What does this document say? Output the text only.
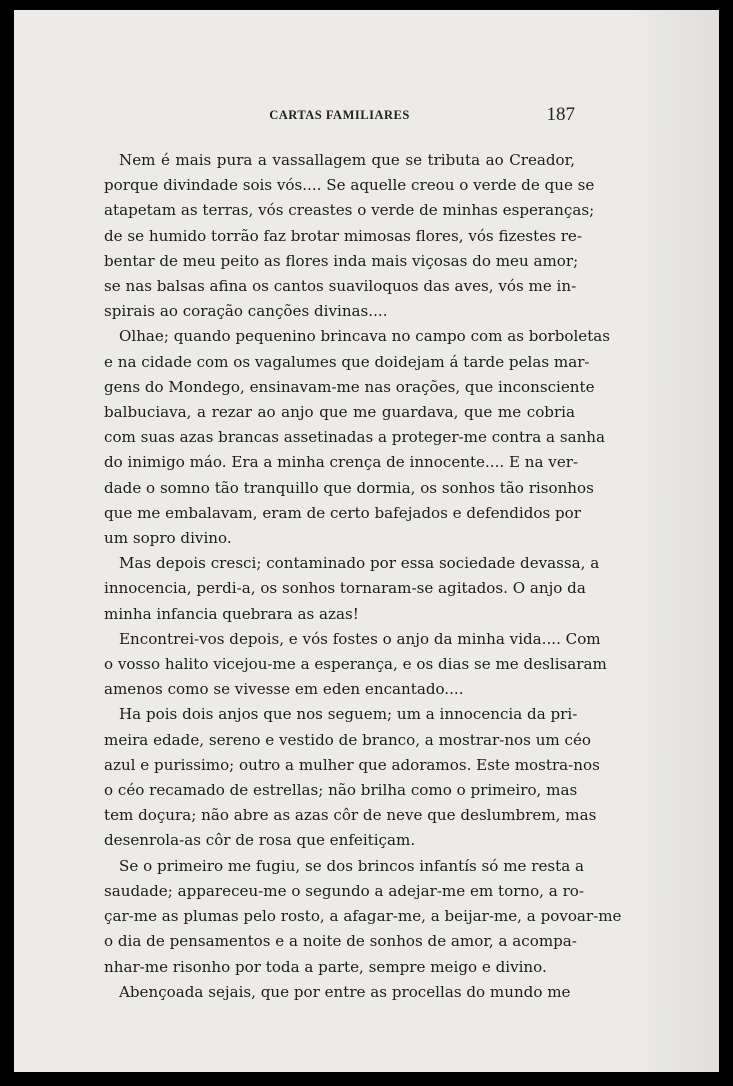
CARTAS FAMILIARES	187
Nem é mais pura a vassallagem que se tributa ao Creador,
porque divindade sois vós.... Se aquelle creou o verde de que se
atapetam as terras, vós creastes o verde de minhas esperanças;
de se humido torrão faz brotar mimosas flores, vós fizestes re-
bentar de meu peito as flores inda mais viçosas do meu amor;
se nas balsas afina os cantos suaviloquos das aves, vós me in-
spirais ao coração canções divinas....
Olhae; quando pequenino brincava no campo com as borboletas
e na cidade com os vagalumes que doidejam á tarde pelas mar-
gens do Mondego, ensinavam-me nas orações, que inconsciente
balbuciava, a rezar ao anjo que me guardava, que me cobria
com suas azas brancas assetinadas a proteger-me contra a sanha
do inimigo máo. Era a minha crença de innocente.... E na ver-
dade o somno tão tranquillo que dormia, os sonhos tão risonhos
que me embalavam, eram de certo bafejados e defendidos por
um sopro divino.
Mas depois cresci; contaminado por essa sociedade devassa, a
innocencia, perdi-a, os sonhos tornaram-se agitados. O anjo da
minha infancia quebrara as azas!
Encontrei-vos depois, e vós fostes o anjo da minha vida.... Com
o vosso halito vicejou-me a esperança, e os dias se me deslisaram
amenos como se vivesse em eden encantado....
Ha pois dois anjos que nos seguem; um a innocencia da pri-
meira edade, sereno e vestido de branco, a mostrar-nos um céo
azul e purissimo; outro a mulher que adoramos. Este mostra-nos
o céo recamado de estrellas; não brilha como o primeiro, mas
tem doçura; não abre as azas côr de neve que deslumbrem, mas
desenrola-as côr de rosa que enfeitiçam.
Se o primeiro me fugiu, se dos brincos infantís só me resta a
saudade; appareceu-me o segundo a adejar-me em torno, a ro-
çar-me as plumas pelo rosto, a afagar-me, a beijar-me, a povoar-me
o dia de pensamentos e a noite de sonhos de amor, a acompa-
nhar-me risonho por toda a parte, sempre meigo e divino.
Abençoada sejais, que por entre as procellas do mundo me
